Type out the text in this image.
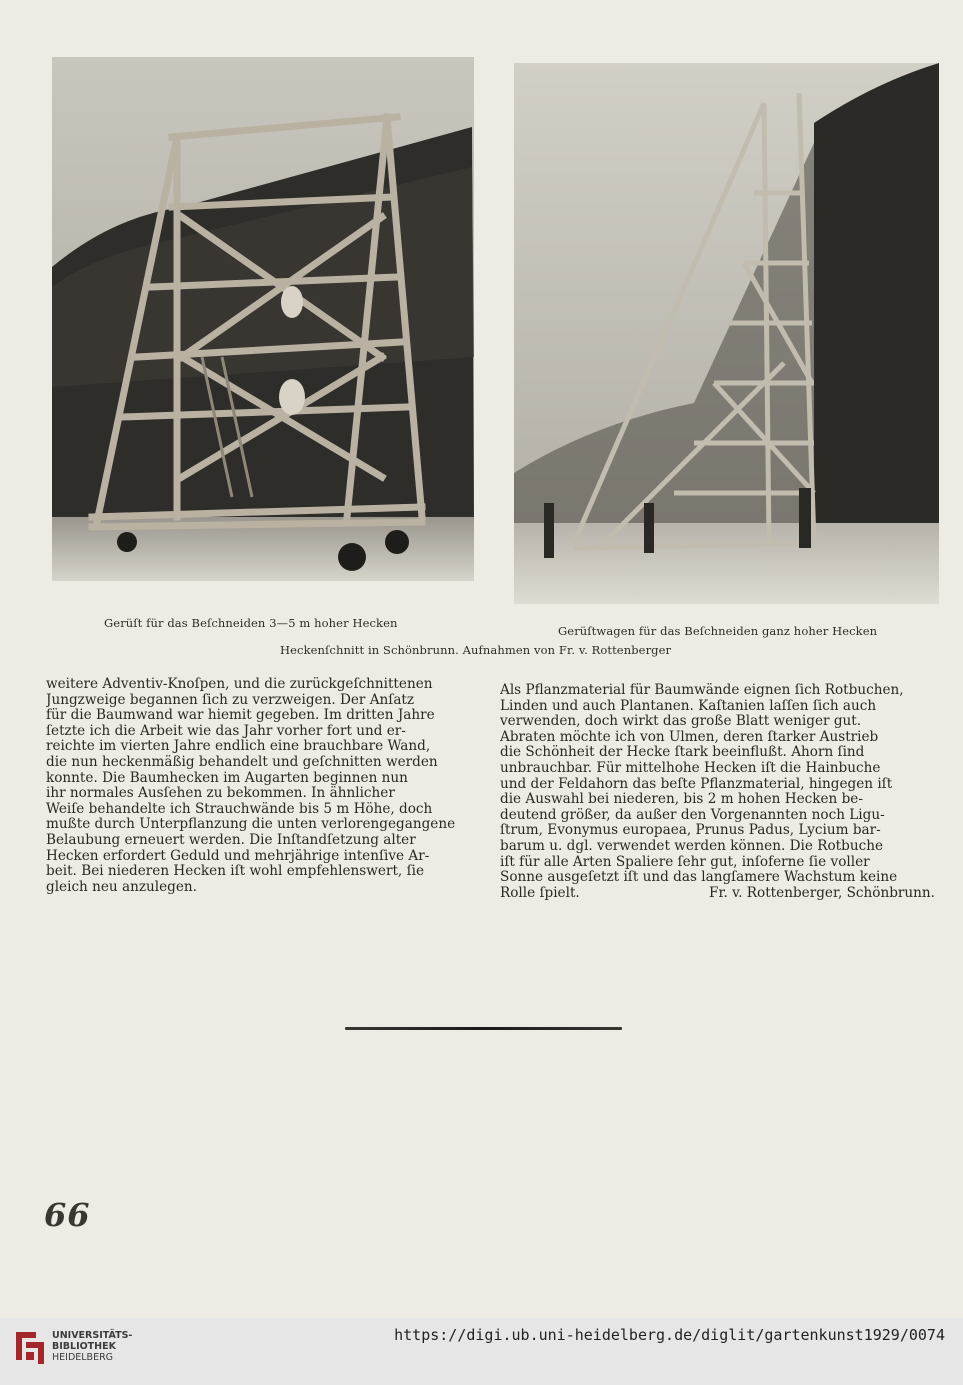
Gerüſt für das Beſchneiden 3—5 m hoher Hecken
Gerüſtwagen für das Beſchneiden ganz hoher Hecken
Heckenſchnitt in Schönbrunn. Aufnahmen von Fr. v. Rottenberger
weitere Adventiv-Knoſpen, und die zurückgeſchnittenen
Jungzweige begannen ſich zu verzweigen. Der Anſatz
für die Baumwand war hiemit gegeben. Im dritten Jahre
ſetzte ich die Arbeit wie das Jahr vorher fort und er-
reichte im vierten Jahre endlich eine brauchbare Wand,
die nun heckenmäßig behandelt und geſchnitten werden
konnte. Die Baumhecken im Augarten beginnen nun
ihr normales Ausſehen zu bekommen. In ähnlicher
Weiſe behandelte ich Strauchwände bis 5 m Höhe, doch
mußte durch Unterpflanzung die unten verlorengegangene
Belaubung erneuert werden. Die Inſtandſetzung alter
Hecken erfordert Geduld und mehrjährige intenſive Ar-
beit. Bei niederen Hecken iſt wohl empfehlenswert, ſie
gleich neu anzulegen.
Als Pflanzmaterial für Baumwände eignen ſich Rotbuchen,
Linden und auch Plantanen. Kaſtanien laſſen ſich auch
verwenden, doch wirkt das große Blatt weniger gut.
Abraten möchte ich von Ulmen, deren ſtarker Austrieb
die Schönheit der Hecke ſtark beeinflußt. Ahorn ſind
unbrauchbar. Für mittelhohe Hecken iſt die Hainbuche
und der Feldahorn das beſte Pflanzmaterial, hingegen iſt
die Auswahl bei niederen, bis 2 m hohen Hecken be-
deutend größer, da außer den Vorgenannten noch Ligu-
ſtrum, Evonymus europaea, Prunus Padus, Lycium bar-
barum u. dgl. verwendet werden können. Die Rotbuche
iſt für alle Arten Spaliere ſehr gut, inſoferne ſie voller
Sonne ausgeſetzt iſt und das langſamere Wachstum keine
Rolle ſpielt.	Fr. v. Rottenberger, Schönbrunn.
66
UNIVERSITÄTS-
BIBLIOTHEK
HEIDELBERG
https://digi.ub.uni-heidelberg.de/diglit/gartenkunst1929/0074
